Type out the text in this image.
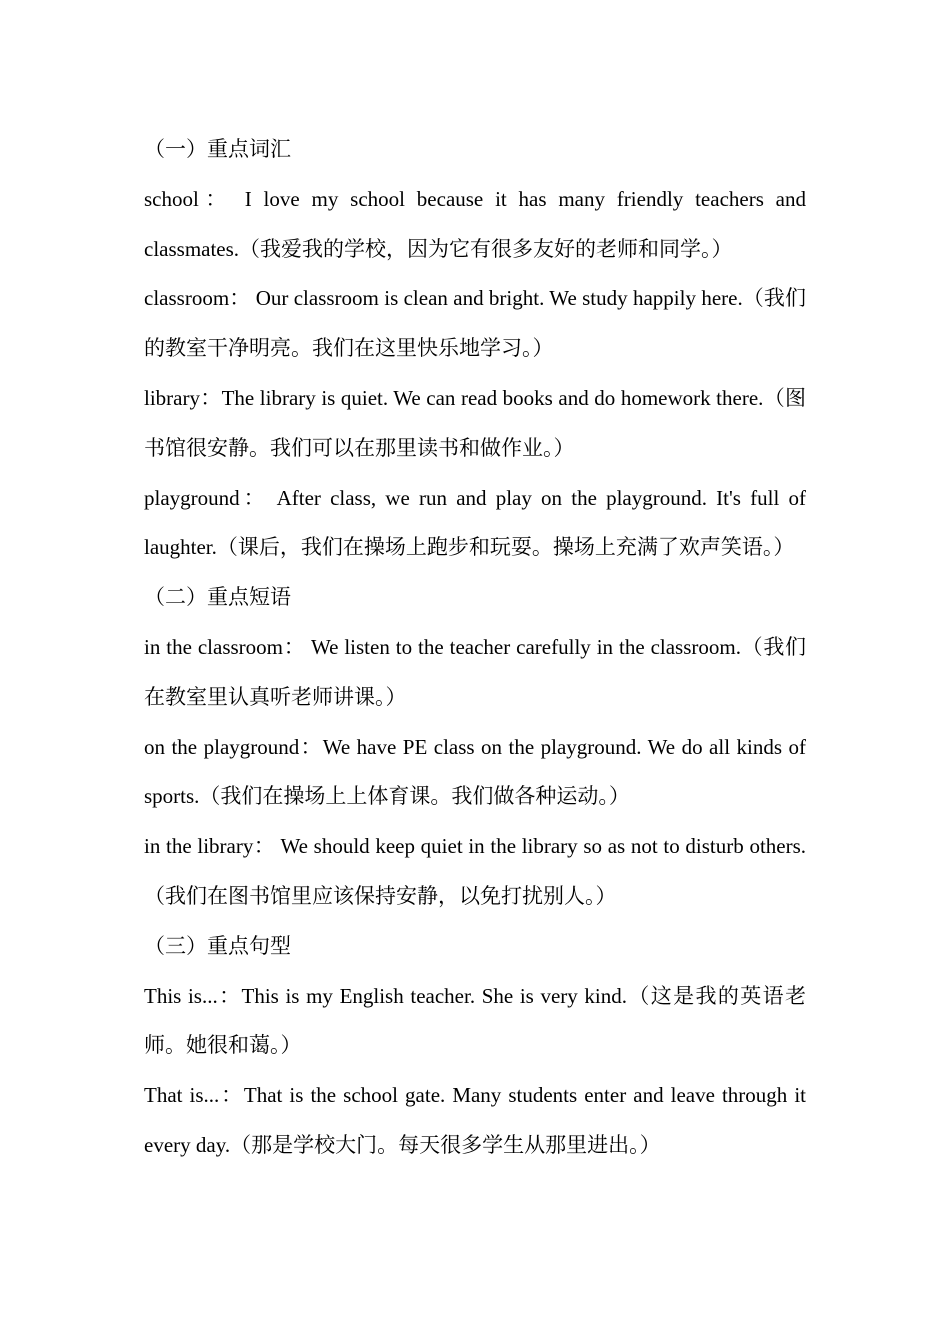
（一）重点词汇

school： I love my school because it has many friendly teachers and classmates.（我爱我的学校，因为它有很多友好的老师和同学。）

classroom： Our classroom is clean and bright. We study happily here.（我们的教室干净明亮。我们在这里快乐地学习。）

library：The library is quiet. We can read books and do homework there.（图书馆很安静。我们可以在那里读书和做作业。）

playground： After class, we run and play on the playground. It's full of laughter.（课后，我们在操场上跑步和玩耍。操场上充满了欢声笑语。）

（二）重点短语

in the classroom： We listen to the teacher carefully in the classroom.（我们在教室里认真听老师讲课。）

on the playground：We have PE class on the playground. We do all kinds of sports.（我们在操场上上体育课。我们做各种运动。）

in the library： We should keep quiet in the library so as not to disturb others.（我们在图书馆里应该保持安静，以免打扰别人。）

（三）重点句型

This is...：This is my English teacher. She is very kind.（这是我的英语老师。她很和蔼。）

That is...：That is the school gate. Many students enter and leave through it every day.（那是学校大门。每天很多学生从那里进出。）
